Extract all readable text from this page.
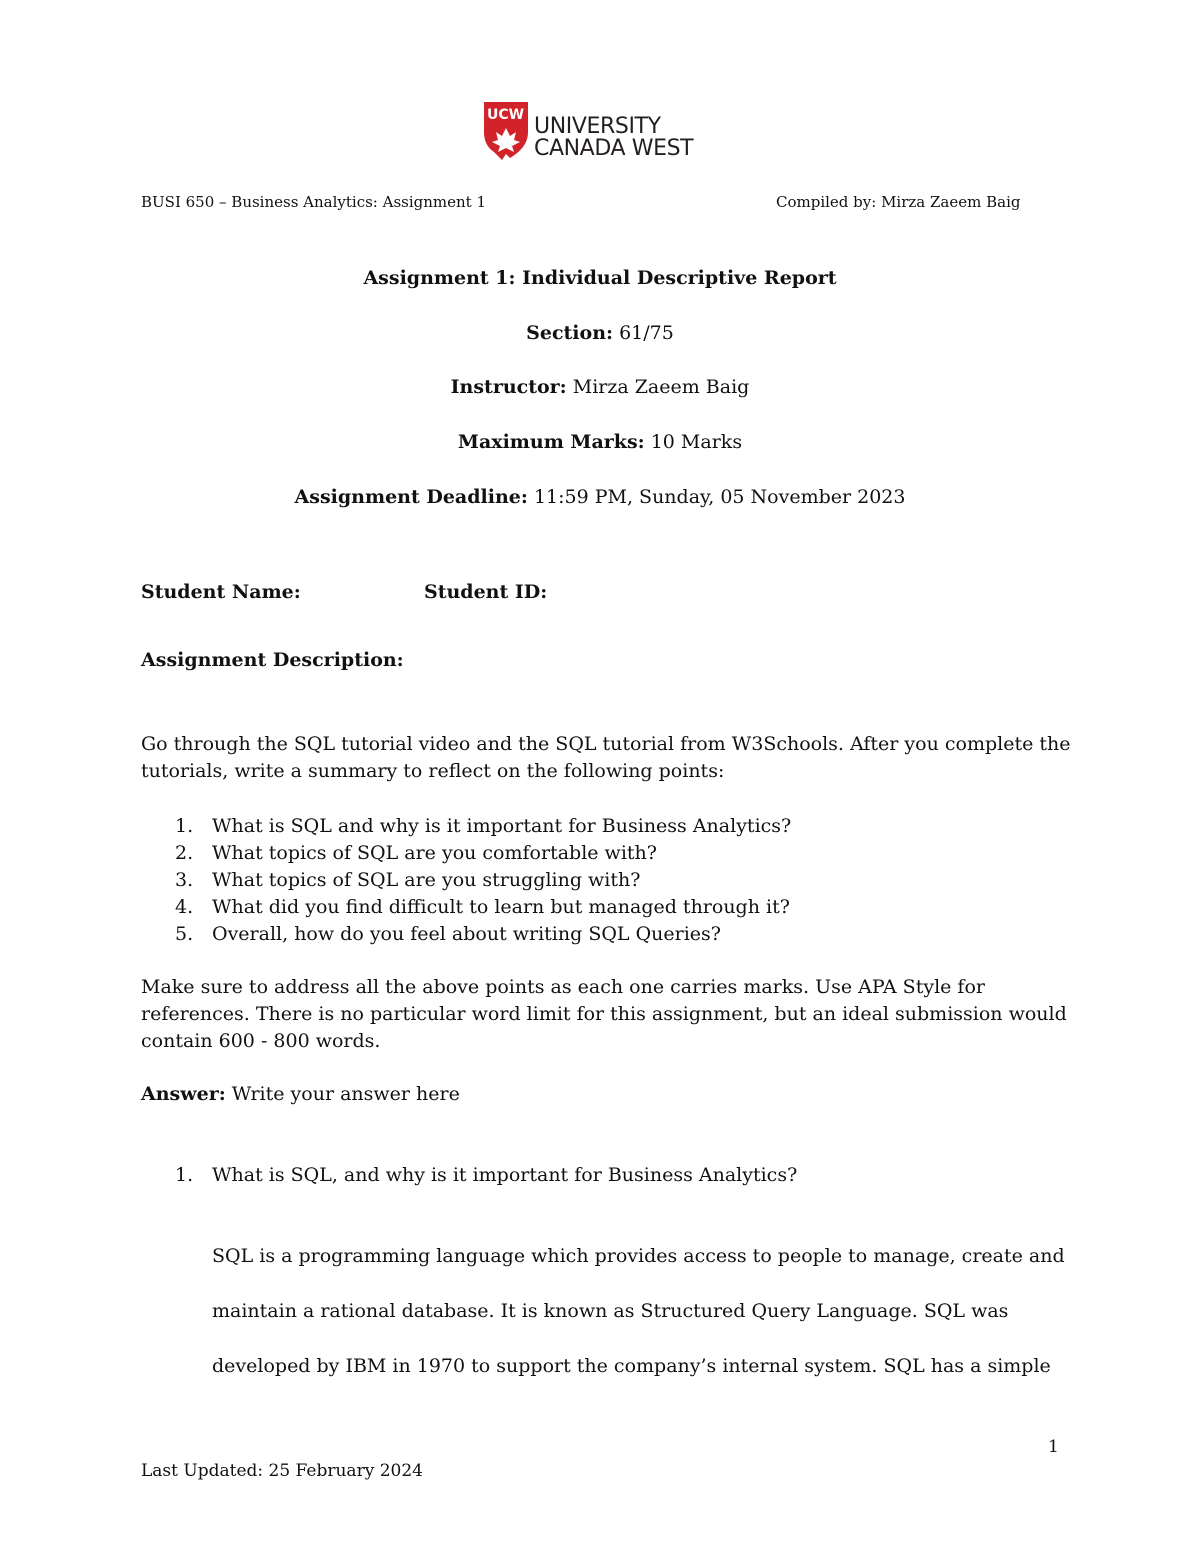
UCW UNIVERSITY
CANADA WEST
BUSI 650 – Business Analytics: Assignment 1	Compiled by: Mirza Zaeem Baig
Assignment 1: Individual Descriptive Report
Section: 61/75
Instructor: Mirza Zaeem Baig
Maximum Marks: 10 Marks
Assignment Deadline: 11:59 PM, Sunday, 05 November 2023
Student Name:	Student ID:
Assignment Description:
Go through the SQL tutorial video and the SQL tutorial from W3Schools. After you complete the tutorials, write a summary to reflect on the following points:
1. What is SQL and why is it important for Business Analytics?
2. What topics of SQL are you comfortable with?
3. What topics of SQL are you struggling with?
4. What did you find difficult to learn but managed through it?
5. Overall, how do you feel about writing SQL Queries?
Make sure to address all the above points as each one carries marks. Use APA Style for references. There is no particular word limit for this assignment, but an ideal submission would contain 600 - 800 words.
Answer: Write your answer here
1. What is SQL, and why is it important for Business Analytics?
SQL is a programming language which provides access to people to manage, create and
maintain a rational database. It is known as Structured Query Language. SQL was
developed by IBM in 1970 to support the company’s internal system. SQL has a simple
1
Last Updated: 25 February 2024
